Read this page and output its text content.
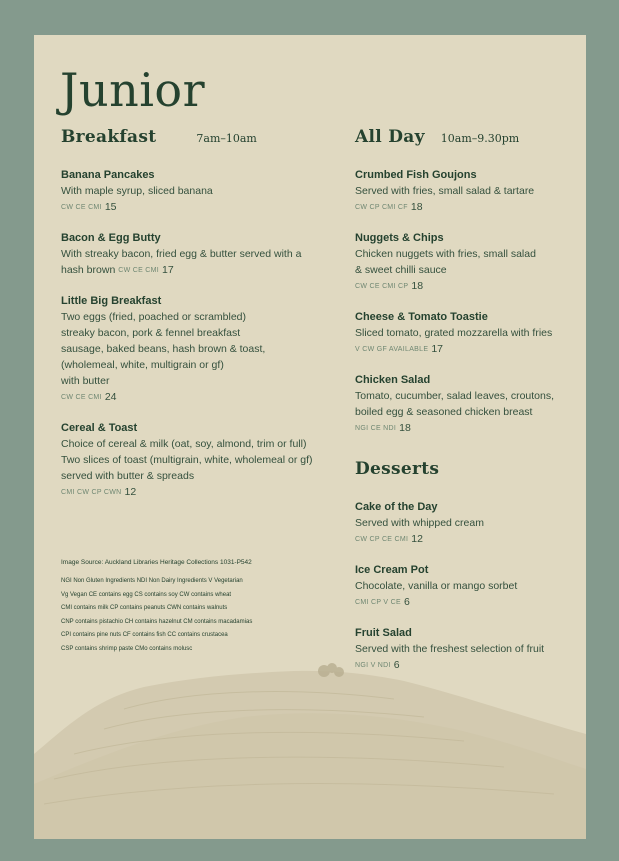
Junior
Breakfast	7am–10am
Banana Pancakes
With maple syrup, sliced banana
CW CE CMI 15
Bacon & Egg Butty
With streaky bacon, fried egg & butter served with a
hash brown CW CE CMI 17
Little Big Breakfast
Two eggs (fried, poached or scrambled)
streaky bacon, pork & fennel breakfast
sausage, baked beans, hash brown & toast,
(wholemeal, white, multigrain or gf)
with butter
CW CE CMI 24
Cereal & Toast
Choice of cereal & milk (oat, soy, almond, trim or full)
Two slices of toast (multigrain, white, wholemeal or gf)
served with butter & spreads
CMI CW CP CWN 12
All Day 10am–9.30pm
Crumbed Fish Goujons
Served with fries, small salad & tartare
CW CP CMI CF 18
Nuggets & Chips
Chicken nuggets with fries, small salad
& sweet chilli sauce
CW CE CMI CP 18
Cheese & Tomato Toastie
Sliced tomato, grated mozzarella with fries
V CW GF AVAILABLE 17
Chicken Salad
Tomato, cucumber, salad leaves, croutons,
boiled egg & seasoned chicken breast
NGI CE NDI 18
Desserts
Cake of the Day
Served with whipped cream
CW CP CE CMI 12
Ice Cream Pot
Chocolate, vanilla or mango sorbet
CMI CP V CE 6
Fruit Salad
Served with the freshest selection of fruit
NGI V NDI 6
Image Source: Auckland Libraries Heritage Collections 1031-P542
NGI Non Gluten Ingredients NDI Non Dairy Ingredients V Vegetarian
Vg Vegan CE contains egg CS contains soy CW contains wheat
CMI contains milk CP contains peanuts CWN contains walnuts
CNP contains pistachio CH contains hazelnut CM contains macadamias
CPI contains pine nuts CF contains fish CC contains crustacea
CSP contains shrimp paste CMo contains molusc
